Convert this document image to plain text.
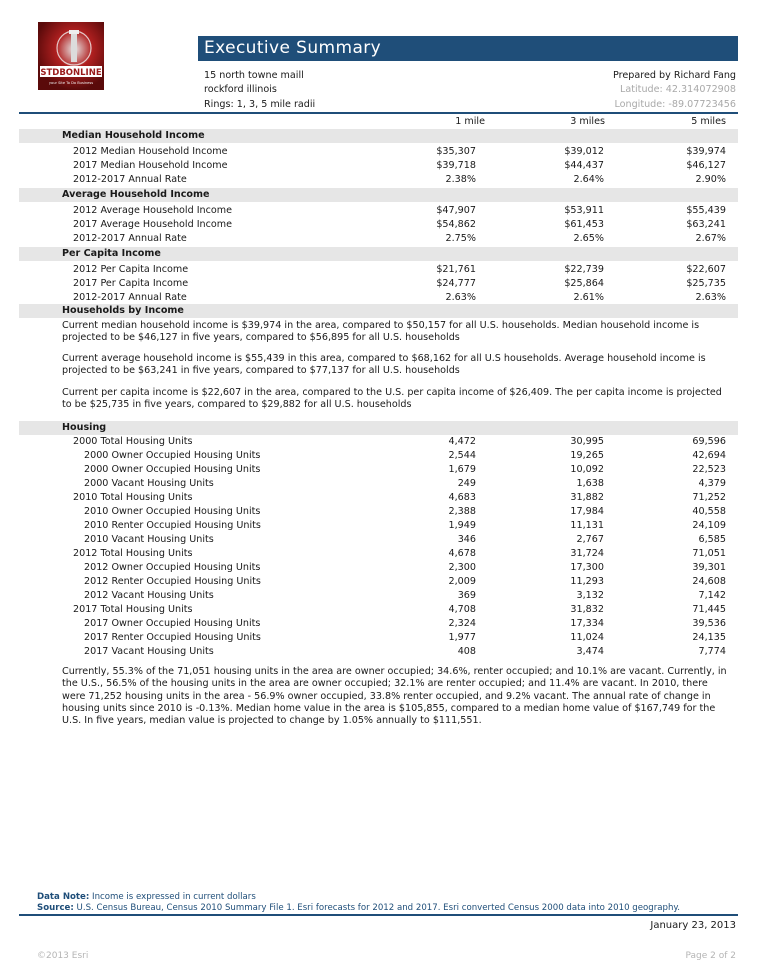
STDBONLINE
your Site To Do Business
Executive Summary
15 north towne maill
rockford illinois
Rings: 1, 3, 5 mile radii
Prepared by Richard Fang
Latitude: 42.314072908
Longitude: -89.07723456
1 mile	3 miles	5 miles
Median Household Income
2012 Median Household Income	$35,307	$39,012	$39,974
2017 Median Household Income	$39,718	$44,437	$46,127
2012-2017 Annual Rate	2.38%	2.64%	2.90%
Average Household Income
2012 Average Household Income	$47,907	$53,911	$55,439
2017 Average Household Income	$54,862	$61,453	$63,241
2012-2017 Annual Rate	2.75%	2.65%	2.67%
Per Capita Income
2012 Per Capita Income	$21,761	$22,739	$22,607
2017 Per Capita Income	$24,777	$25,864	$25,735
2012-2017 Annual Rate	2.63%	2.61%	2.63%
Households by Income
Current median household income is $39,974 in the area, compared to $50,157 for all U.S. households. Median household income is projected to be $46,127 in five years, compared to $56,895 for all U.S. households
Current average household income is $55,439 in this area, compared to $68,162 for all U.S households. Average household income is projected to be $63,241 in five years, compared to $77,137 for all U.S. households
Current per capita income is $22,607 in the area, compared to the U.S. per capita income of $26,409. The per capita income is projected to be $25,735 in five years, compared to $29,882 for all U.S. households
Housing
2000 Total Housing Units	4,472	30,995	69,596
2000 Owner Occupied Housing Units	2,544	19,265	42,694
2000 Owner Occupied Housing Units	1,679	10,092	22,523
2000 Vacant Housing Units	249	1,638	4,379
2010 Total Housing Units	4,683	31,882	71,252
2010 Owner Occupied Housing Units	2,388	17,984	40,558
2010 Renter Occupied Housing Units	1,949	11,131	24,109
2010 Vacant Housing Units	346	2,767	6,585
2012 Total Housing Units	4,678	31,724	71,051
2012 Owner Occupied Housing Units	2,300	17,300	39,301
2012 Renter Occupied Housing Units	2,009	11,293	24,608
2012 Vacant Housing Units	369	3,132	7,142
2017 Total Housing Units	4,708	31,832	71,445
2017 Owner Occupied Housing Units	2,324	17,334	39,536
2017 Renter Occupied Housing Units	1,977	11,024	24,135
2017 Vacant Housing Units	408	3,474	7,774
Currently, 55.3% of the 71,051 housing units in the area are owner occupied; 34.6%, renter occupied; and 10.1% are vacant. Currently, in the U.S., 56.5% of the housing units in the area are owner occupied; 32.1% are renter occupied; and 11.4% are vacant. In 2010, there were 71,252 housing units in the area - 56.9% owner occupied, 33.8% renter occupied, and 9.2% vacant. The annual rate of change in housing units since 2010 is -0.13%. Median home value in the area is $105,855, compared to a median home value of $167,749 for the U.S. In five years, median value is projected to change by 1.05% annually to $111,551.
Data Note: Income is expressed in current dollars
Source: U.S. Census Bureau, Census 2010 Summary File 1. Esri forecasts for 2012 and 2017. Esri converted Census 2000 data into 2010 geography.
January 23, 2013
©2013 Esri	Page 2 of 2
